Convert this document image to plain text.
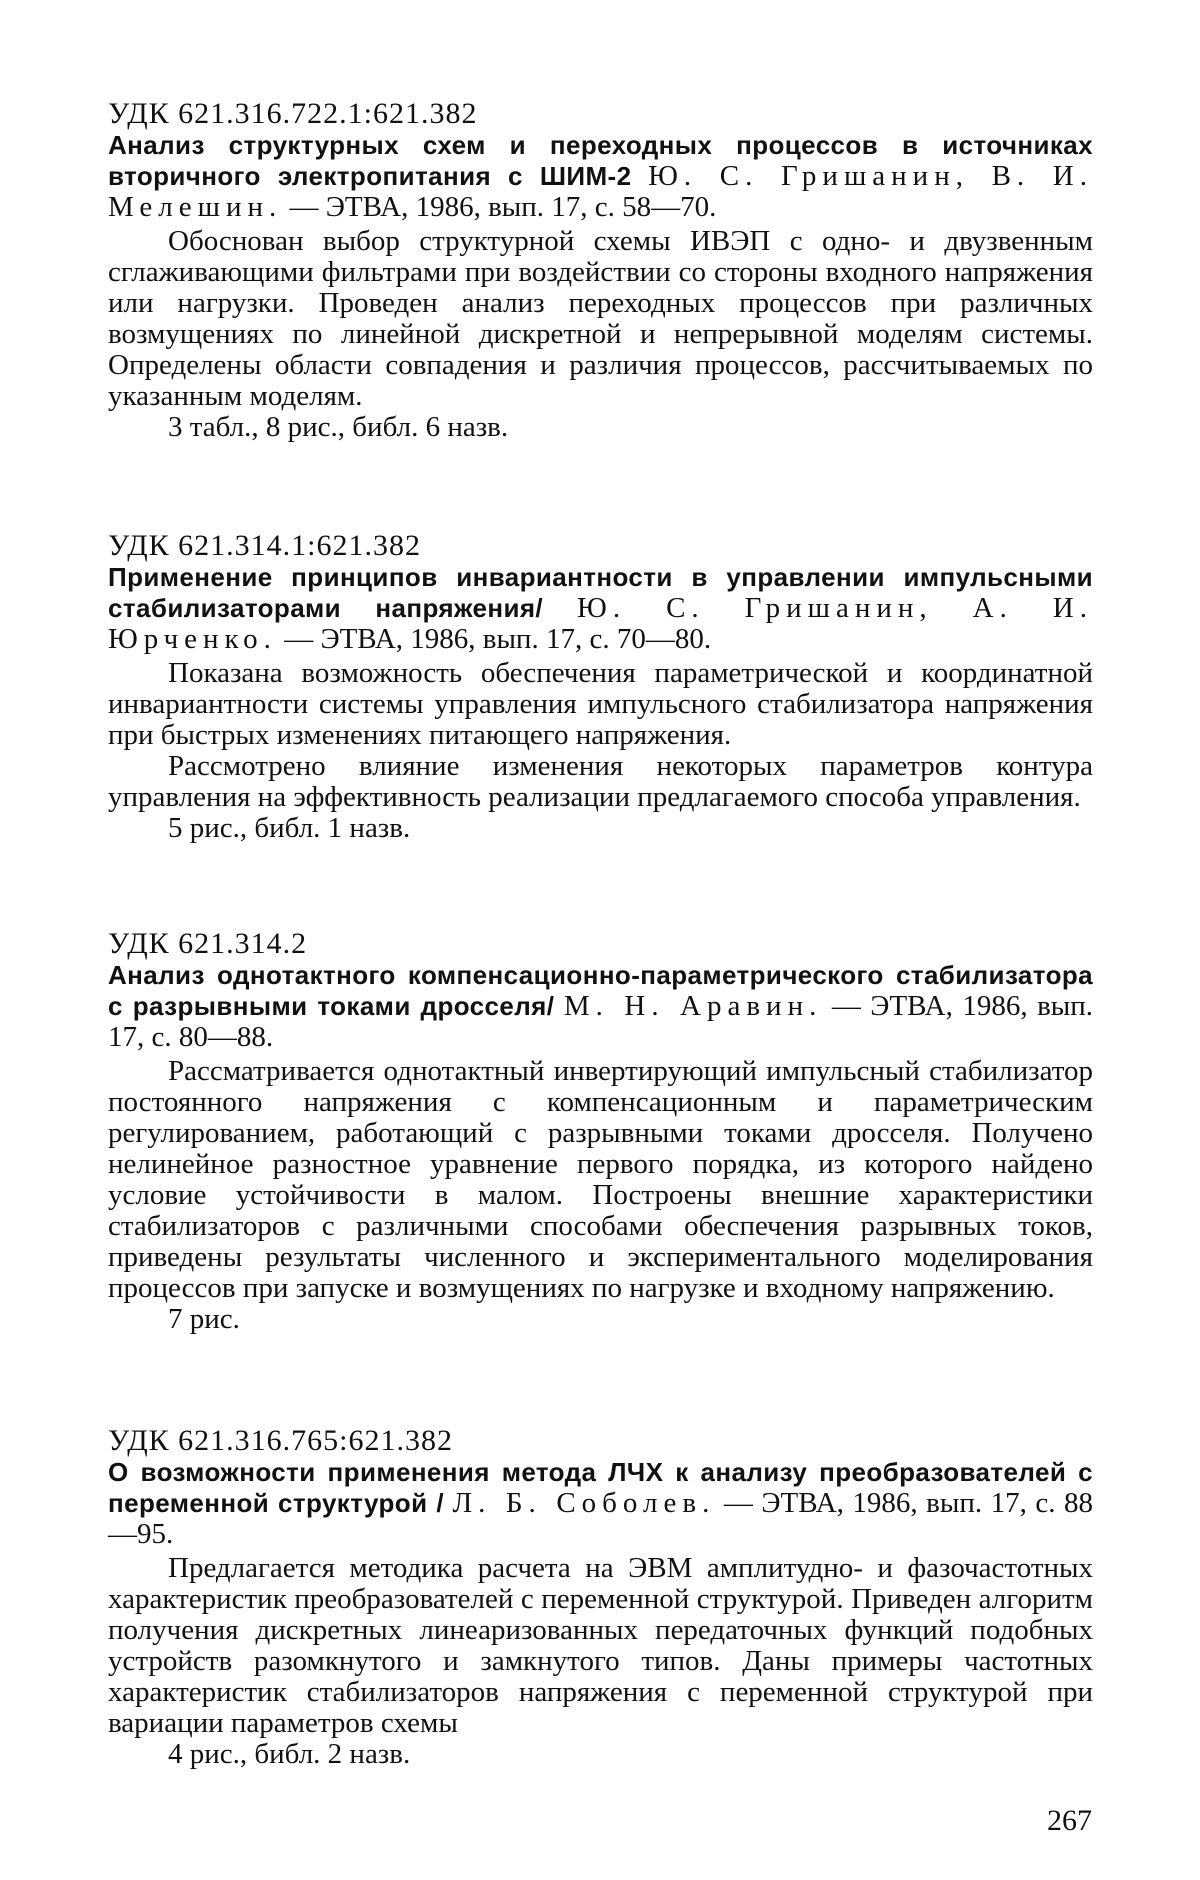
УДК 621.316.722.1:621.382

Анализ структурных схем и переходных процессов в источниках вторичного электропитания с ШИМ-2 Ю. С. Гришанин, В. И. Мелешин. — ЭТВА, 1986, вып. 17, с. 58—70.

Обоснован выбор структурной схемы ИВЭП с одно- и двузвенным сглаживающими фильтрами при воздействии со стороны входного напряжения или нагрузки. Проведен анализ переходных процессов при различных возмущениях по линейной дискретной и непрерывной моделям системы. Определены области совпадения и различия процессов, рассчитываемых по указанным моделям.

3 табл., 8 рис., библ. 6 назв.

УДК 621.314.1:621.382

Применение принципов инвариантности в управлении импульсными стабилизаторами напряжения/ Ю. С. Гришанин, А. И. Юрченко. — ЭТВА, 1986, вып. 17, с. 70—80.

Показана возможность обеспечения параметрической и координатной инвариантности системы управления импульсного стабилизатора напряжения при быстрых изменениях питающего напряжения.

Рассмотрено влияние изменения некоторых параметров контура управления на эффективность реализации предлагаемого способа управления.

5 рис., библ. 1 назв.

УДК 621.314.2

Анализ однотактного компенсационно-параметрического стабилизатора с разрывными токами дросселя/ М. Н. Аравин. — ЭТВА, 1986, вып. 17, с. 80—88.

Рассматривается однотактный инвертирующий импульсный стабилизатор постоянного напряжения с компенсационным и параметрическим регулированием, работающий с разрывными токами дросселя. Получено нелинейное разностное уравнение первого порядка, из которого найдено условие устойчивости в малом. Построены внешние характеристики стабилизаторов с различными способами обеспечения разрывных токов, приведены результаты численного и экспериментального моделирования процессов при запуске и возмущениях по нагрузке и входному напряжению.

7 рис.

УДК 621.316.765:621.382

О возможности применения метода ЛЧХ к анализу преобразователей с переменной структурой / Л. Б. Соболев. — ЭТВА, 1986, вып. 17, с. 88—95.

Предлагается методика расчета на ЭВМ амплитудно- и фазочастотных характеристик преобразователей с переменной структурой. Приведен алгоритм получения дискретных линеаризованных передаточных функций подобных устройств разомкнутого и замкнутого типов. Даны примеры частотных характеристик стабилизаторов напряжения с переменной структурой при вариации параметров схемы

4 рис., библ. 2 назв.

267
